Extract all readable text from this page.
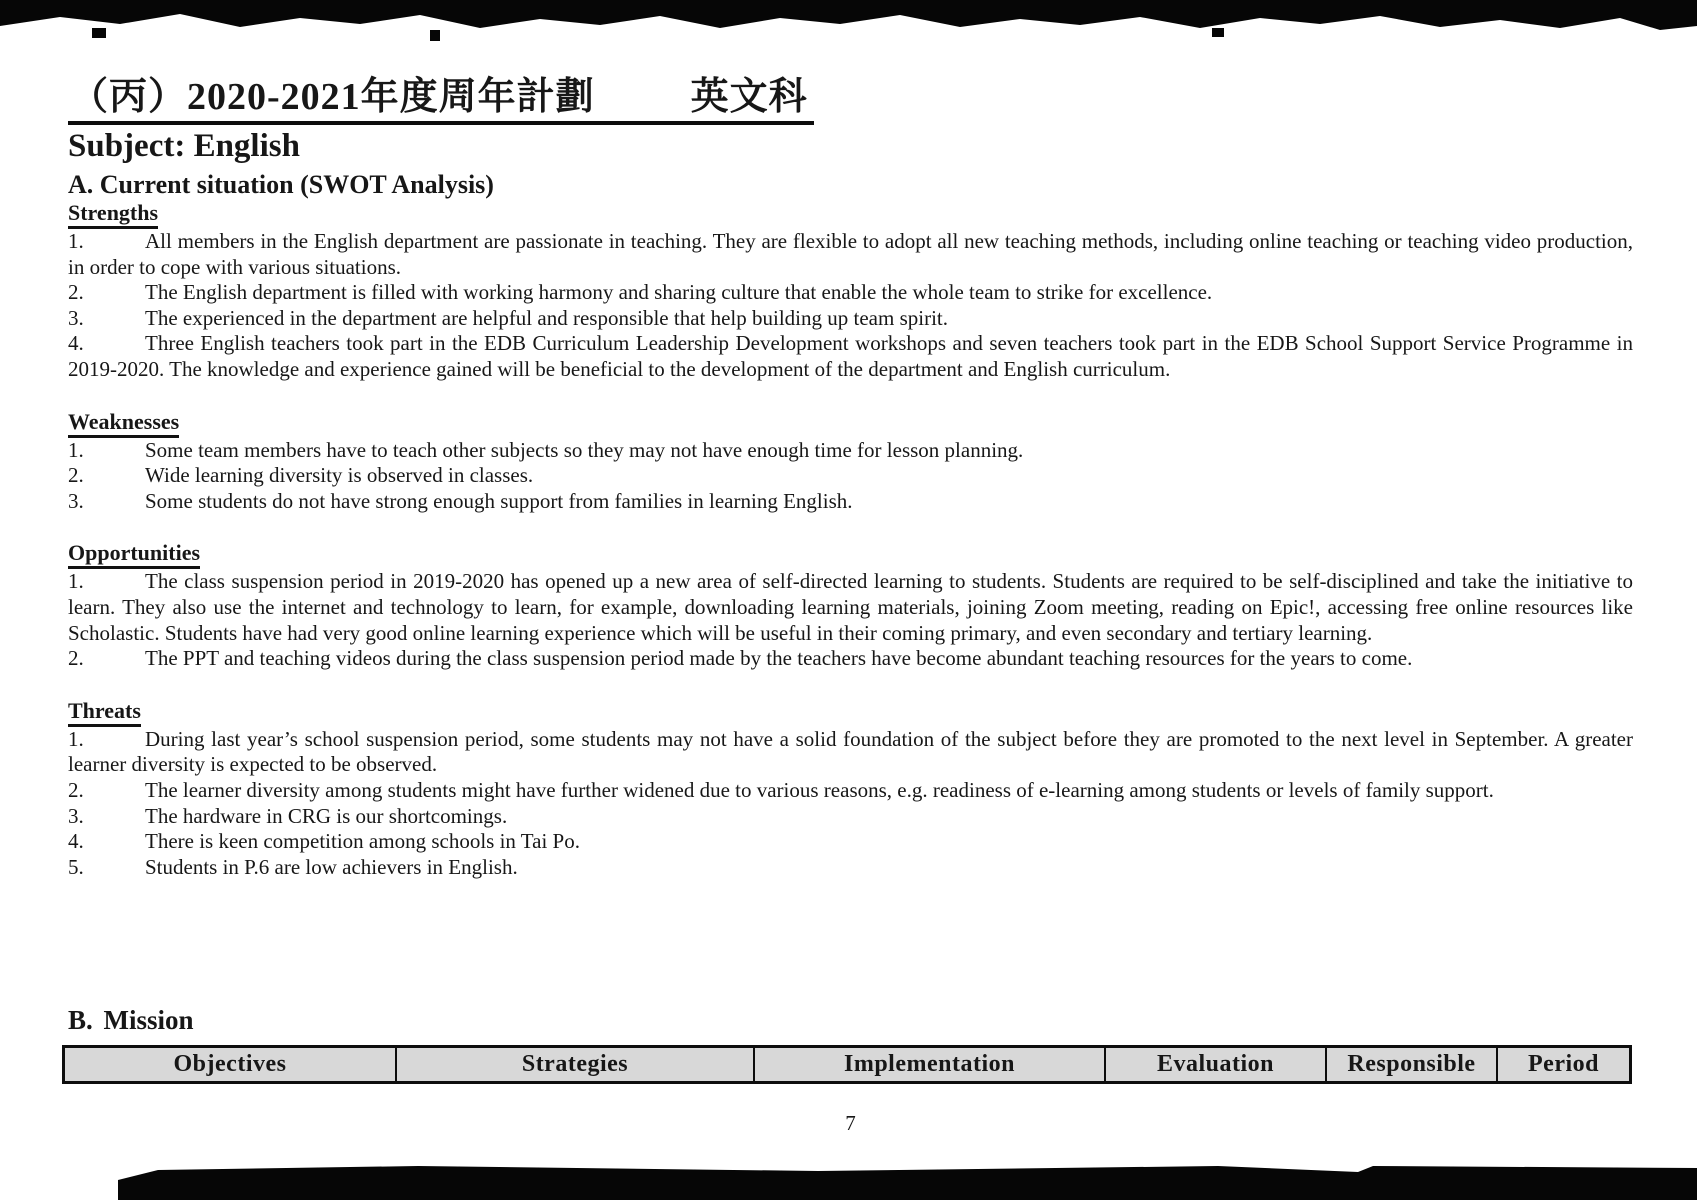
（丙）2020-2021年度周年計劃	英文科
Subject: English
A. Current situation (SWOT Analysis)
Strengths

1.	All members in the English department are passionate in teaching. They are flexible to adopt all new teaching methods, including online teaching or teaching video production, in order to cope with various situations.

2.	The English department is filled with working harmony and sharing culture that enable the whole team to strike for excellence.

3.	The experienced in the department are helpful and responsible that help building up team spirit.

4.	Three English teachers took part in the EDB Curriculum Leadership Development workshops and seven teachers took part in the EDB School Support Service Programme in 2019-2020. The knowledge and experience gained will be beneficial to the development of the department and English curriculum.

Weaknesses

1.	Some team members have to teach other subjects so they may not have enough time for lesson planning.

2.	Wide learning diversity is observed in classes.

3.	Some students do not have strong enough support from families in learning English.

Opportunities

1.	The class suspension period in 2019-2020 has opened up a new area of self-directed learning to students. Students are required to be self-disciplined and take the initiative to learn. They also use the internet and technology to learn, for example, downloading learning materials, joining Zoom meeting, reading on Epic!, accessing free online resources like Scholastic. Students have had very good online learning experience which will be useful in their coming primary, and even secondary and tertiary learning.

2.	The PPT and teaching videos during the class suspension period made by the teachers have become abundant teaching resources for the years to come.

Threats

1.	During last year’s school suspension period, some students may not have a solid foundation of the subject before they are promoted to the next level in September. A greater learner diversity is expected to be observed.

2.	The learner diversity among students might have further widened due to various reasons, e.g. readiness of e-learning among students or levels of family support.

3.	The hardware in CRG is our shortcomings.

4.	There is keen competition among schools in Tai Po.

5.	Students in P.6 are low achievers in English.

B. Mission
Objectives	Strategies	Implementation	Evaluation	Responsible	Period
7
